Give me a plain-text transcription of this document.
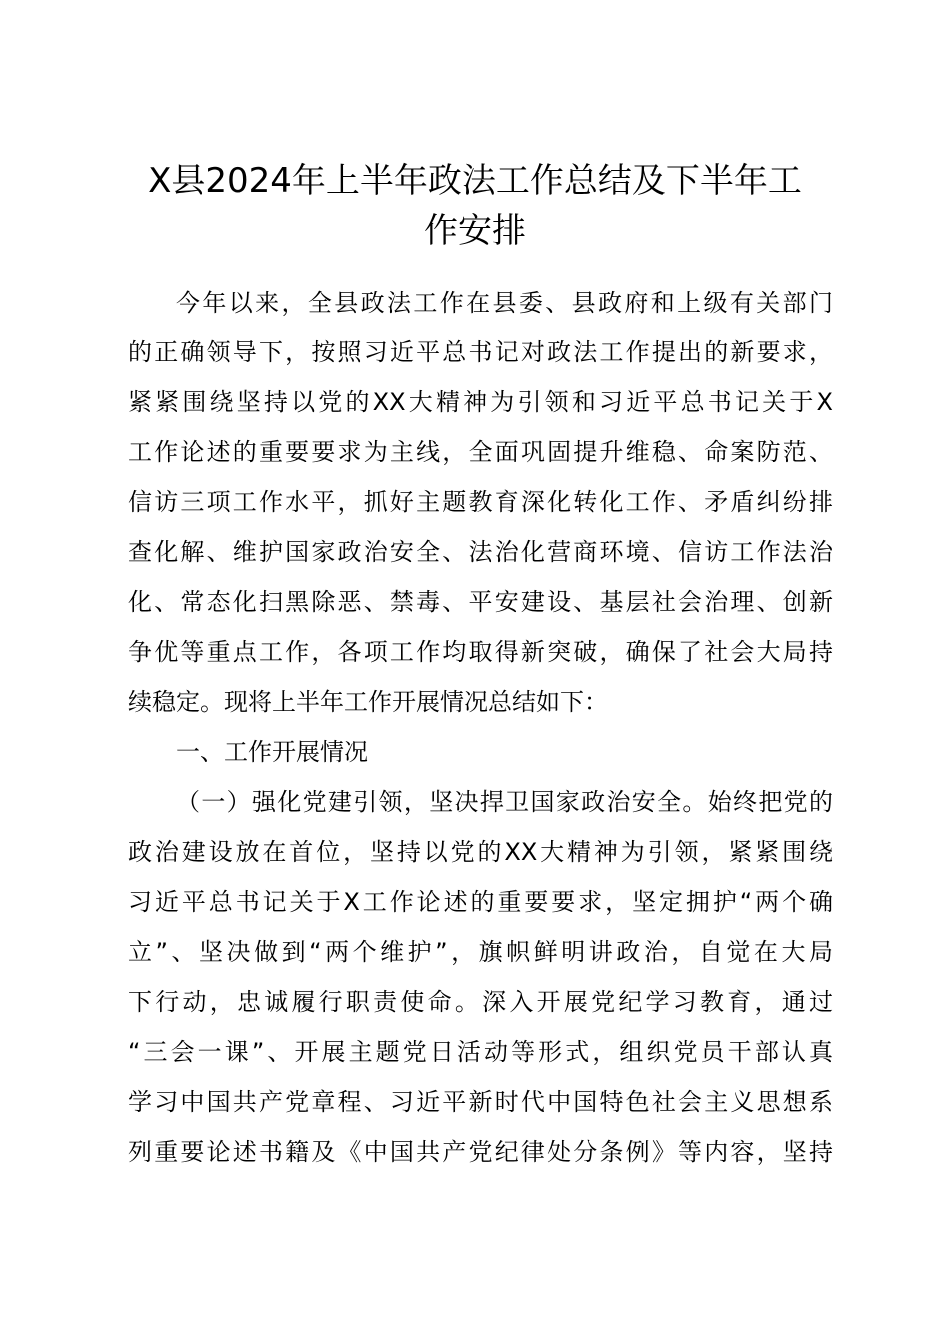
X县2024年上半年政法工作总结及下半年工
作安排

今年以来，全县政法工作在县委、县政府和上级有关部门

的正确领导下，按照习近平总书记对政法工作提出的新要求，

紧紧围绕坚持以党的XX大精神为引领和习近平总书记关于X

工作论述的重要要求为主线，全面巩固提升维稳、命案防范、

信访三项工作水平，抓好主题教育深化转化工作、矛盾纠纷排

查化解、维护国家政治安全、法治化营商环境、信访工作法治

化、常态化扫黑除恶、禁毒、平安建设、基层社会治理、创新

争优等重点工作，各项工作均取得新突破，确保了社会大局持

续稳定。现将上半年工作开展情况总结如下：

一、工作开展情况

（一）强化党建引领，坚决捍卫国家政治安全。始终把党的

政治建设放在首位，坚持以党的XX大精神为引领，紧紧围绕

习近平总书记关于X工作论述的重要要求，坚定拥护“两个确

立”、坚决做到“两个维护”，旗帜鲜明讲政治，自觉在大局

下行动，忠诚履行职责使命。深入开展党纪学习教育，通过

“三会一课”、开展主题党日活动等形式，组织党员干部认真

学习中国共产党章程、习近平新时代中国特色社会主义思想系

列重要论述书籍及《中国共产党纪律处分条例》等内容，坚持
